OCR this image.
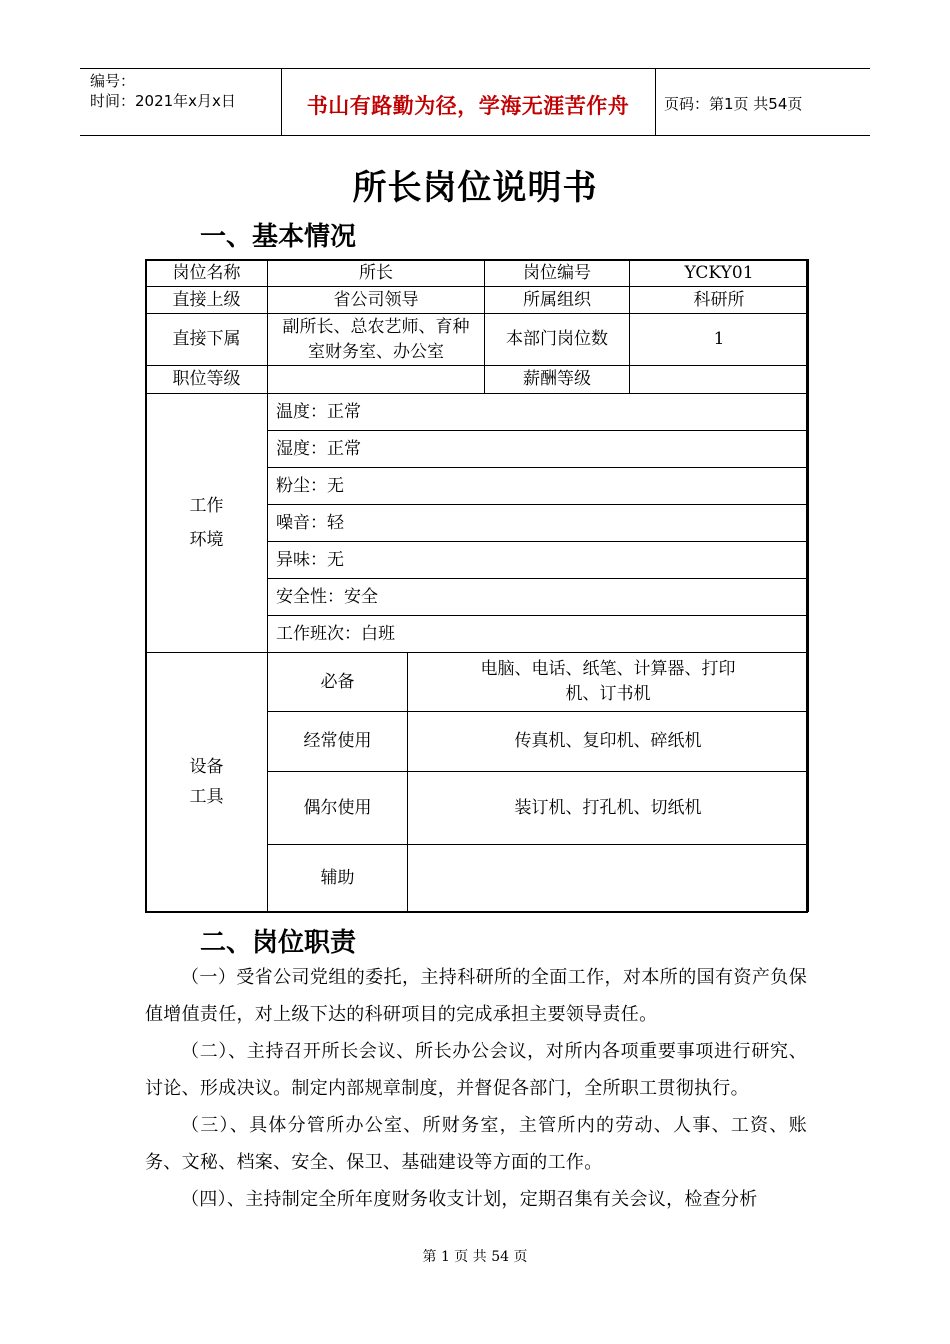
编号：
时间：2021年x月x日	书山有路勤为径，学海无涯苦作舟	页码：第1页 共54页
所长岗位说明书
一、基本情况
岗位名称	所长		岗位编号	YCKY01
直接上级	省公司领导		所属组织	科研所
直接下属	副所长、总农艺师、育种室财务室、办公室		本部门岗位数	1
职位等级			薪酬等级	

工作
环境	温度：正常			
	湿度：正常			
	粉尘：无			
	噪音：轻			
	异味：无			
	安全性：安全			
	工作班次：白班			

设备
工具	必备	电脑、电话、纸笔、计算器、打印机、订书机		
	经常使用	传真机、复印机、碎纸机		
	偶尔使用	装订机、打孔机、切纸机		
	辅助			
二、岗位职责
（一）受省公司党组的委托，主持科研所的全面工作，对本所的国有资产负保值增值责任，对上级下达的科研项目的完成承担主要领导责任。
（二）、主持召开所长会议、所长办公会议，对所内各项重要事项进行研究、讨论、形成决议。制定内部规章制度，并督促各部门，全所职工贯彻执行。
（三）、具体分管所办公室、所财务室，主管所内的劳动、人事、工资、账务、文秘、档案、安全、保卫、基础建设等方面的工作。
（四）、主持制定全所年度财务收支计划，定期召集有关会议，检查分析
第 1 页 共 54 页
